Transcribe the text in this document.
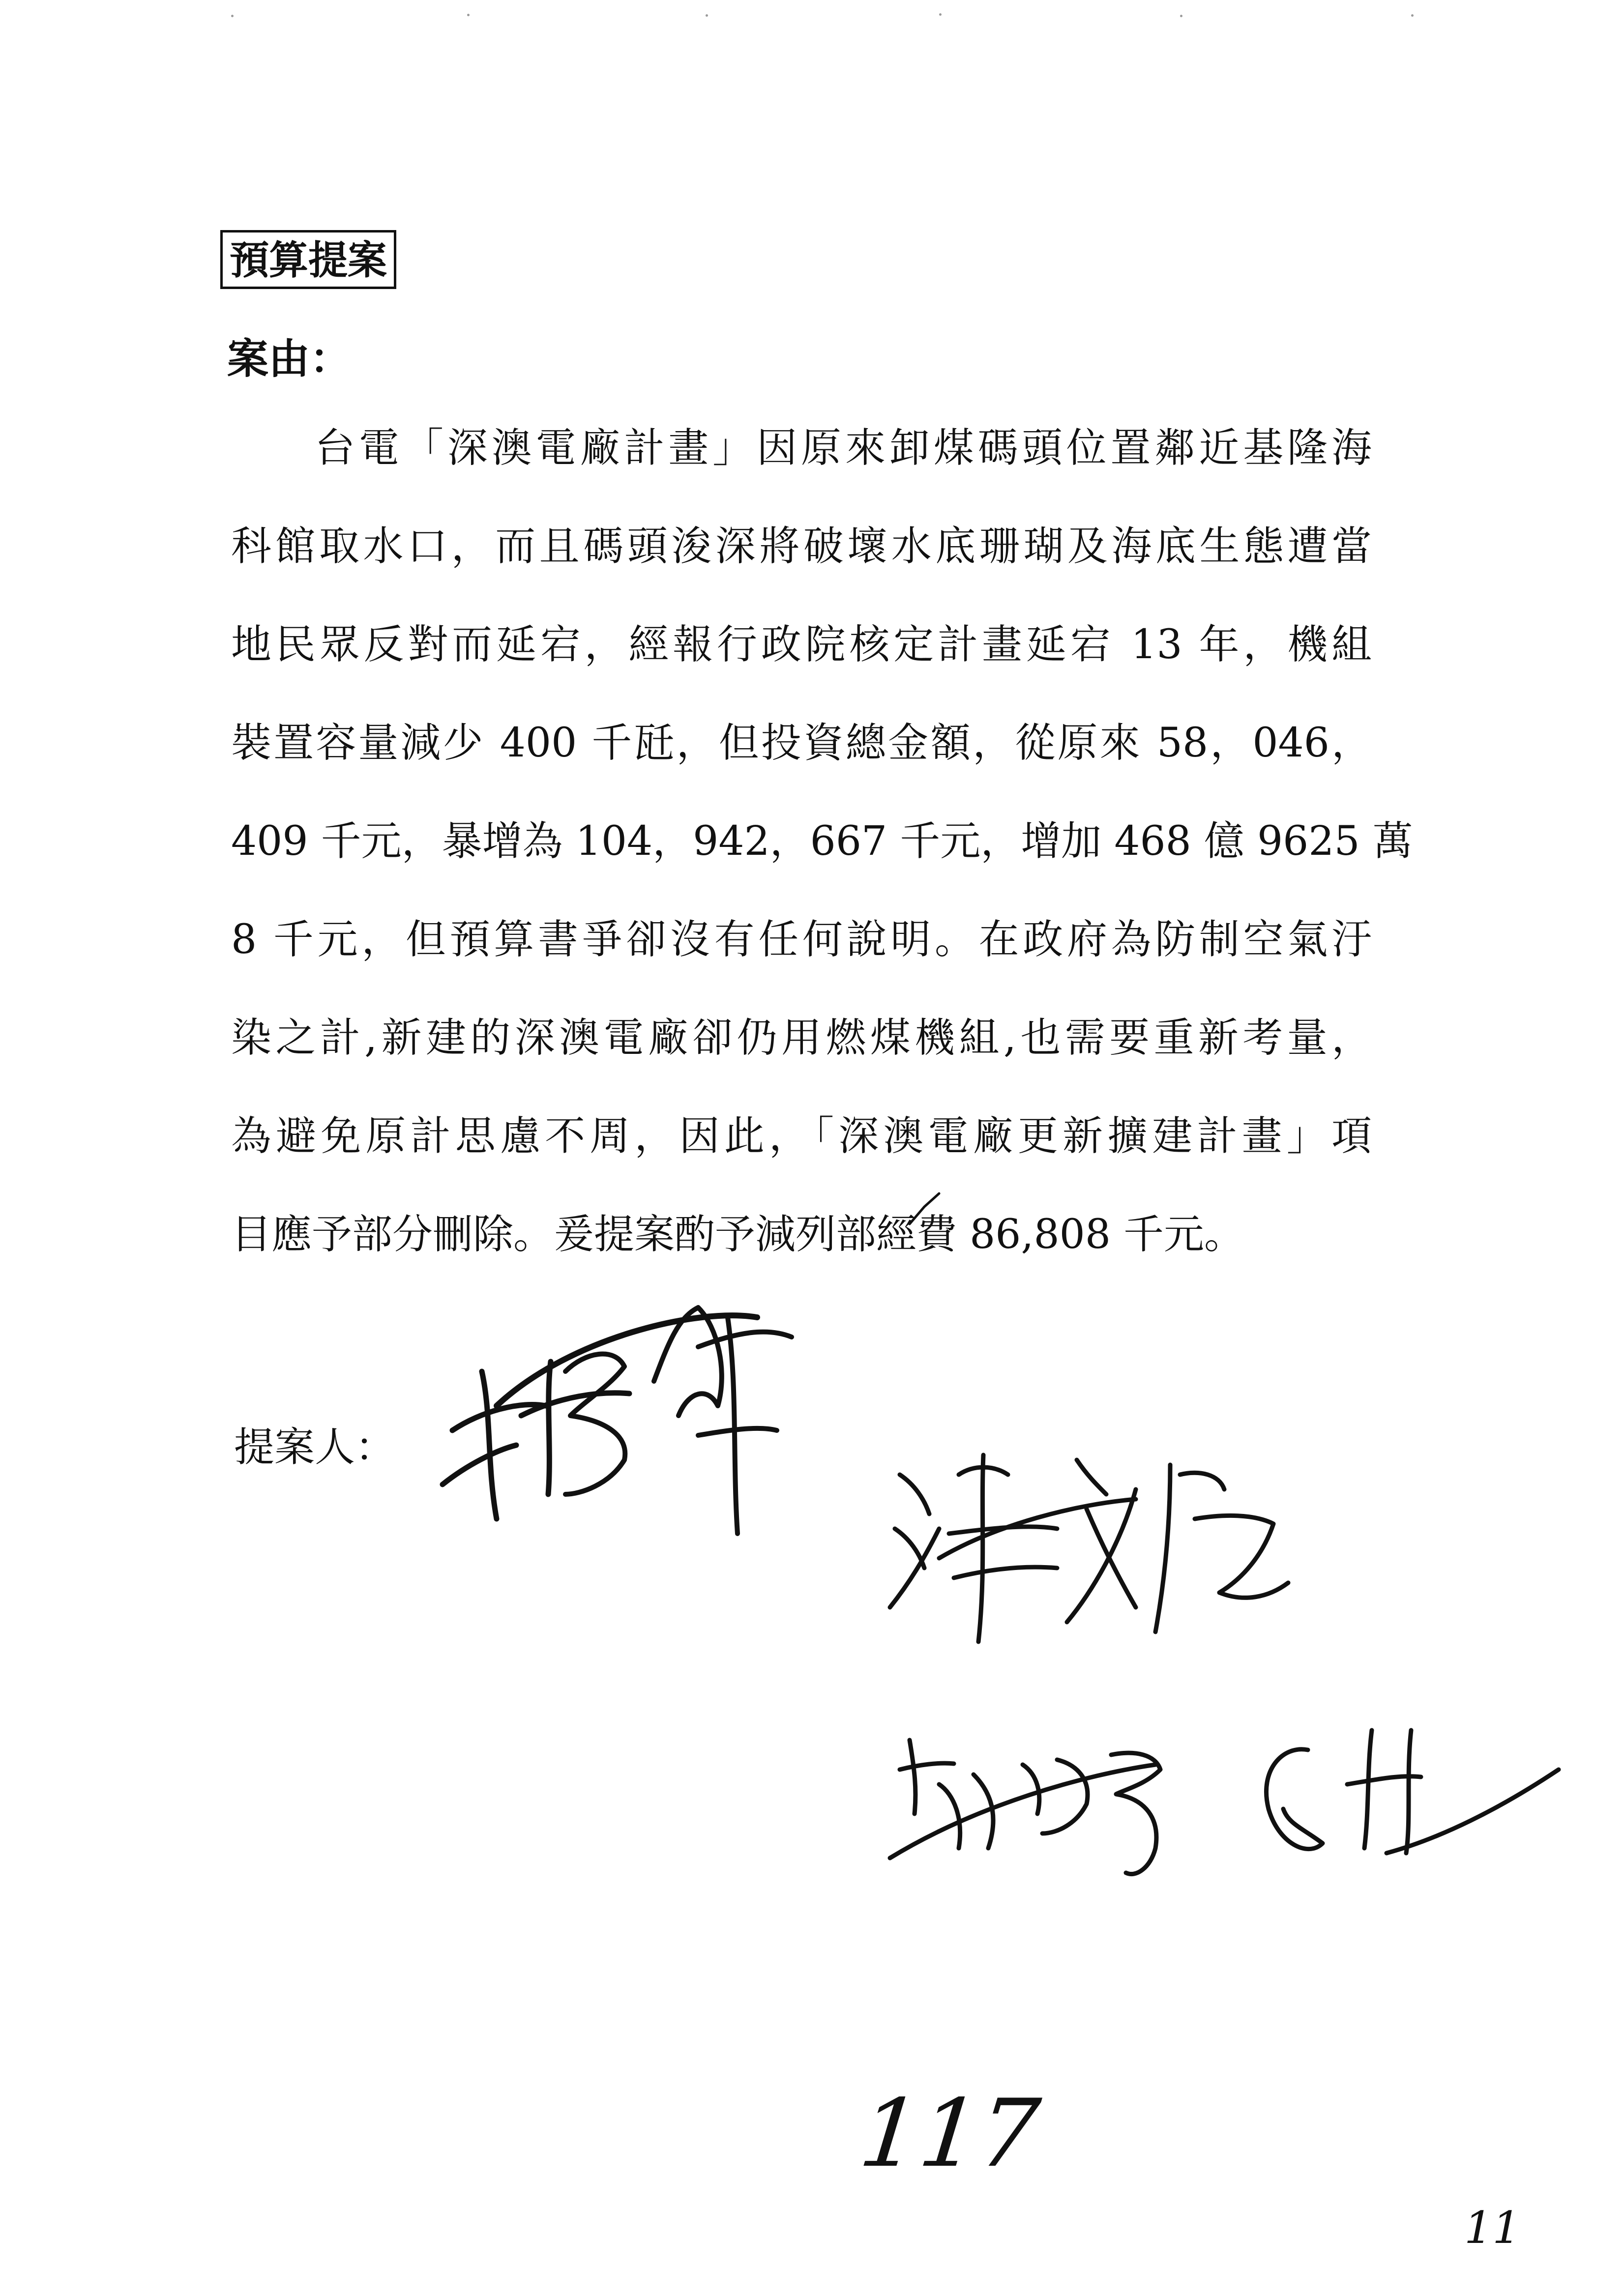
預算提案
案由：
台電「深澳電廠計畫」因原來卸煤碼頭位置鄰近基隆海
科館取水口，而且碼頭浚深將破壞水底珊瑚及海底生態遭當
地民眾反對而延宕，經報行政院核定計畫延宕 13 年，機組
裝置容量減少 400 千瓩，但投資總金額，從原來 58，046，
409 千元，暴增為 104，942，667 千元，增加 468 億 9625 萬
8 千元，但預算書爭卻沒有任何說明。在政府為防制空氣汙
染之計,新建的深澳電廠卻仍用燃煤機組,也需要重新考量，
為避免原計思慮不周，因此，「深澳電廠更新擴建計畫」項
目應予部分刪除。爰提案酌予減列部經費 86,808 千元。
提案人：
117
11
